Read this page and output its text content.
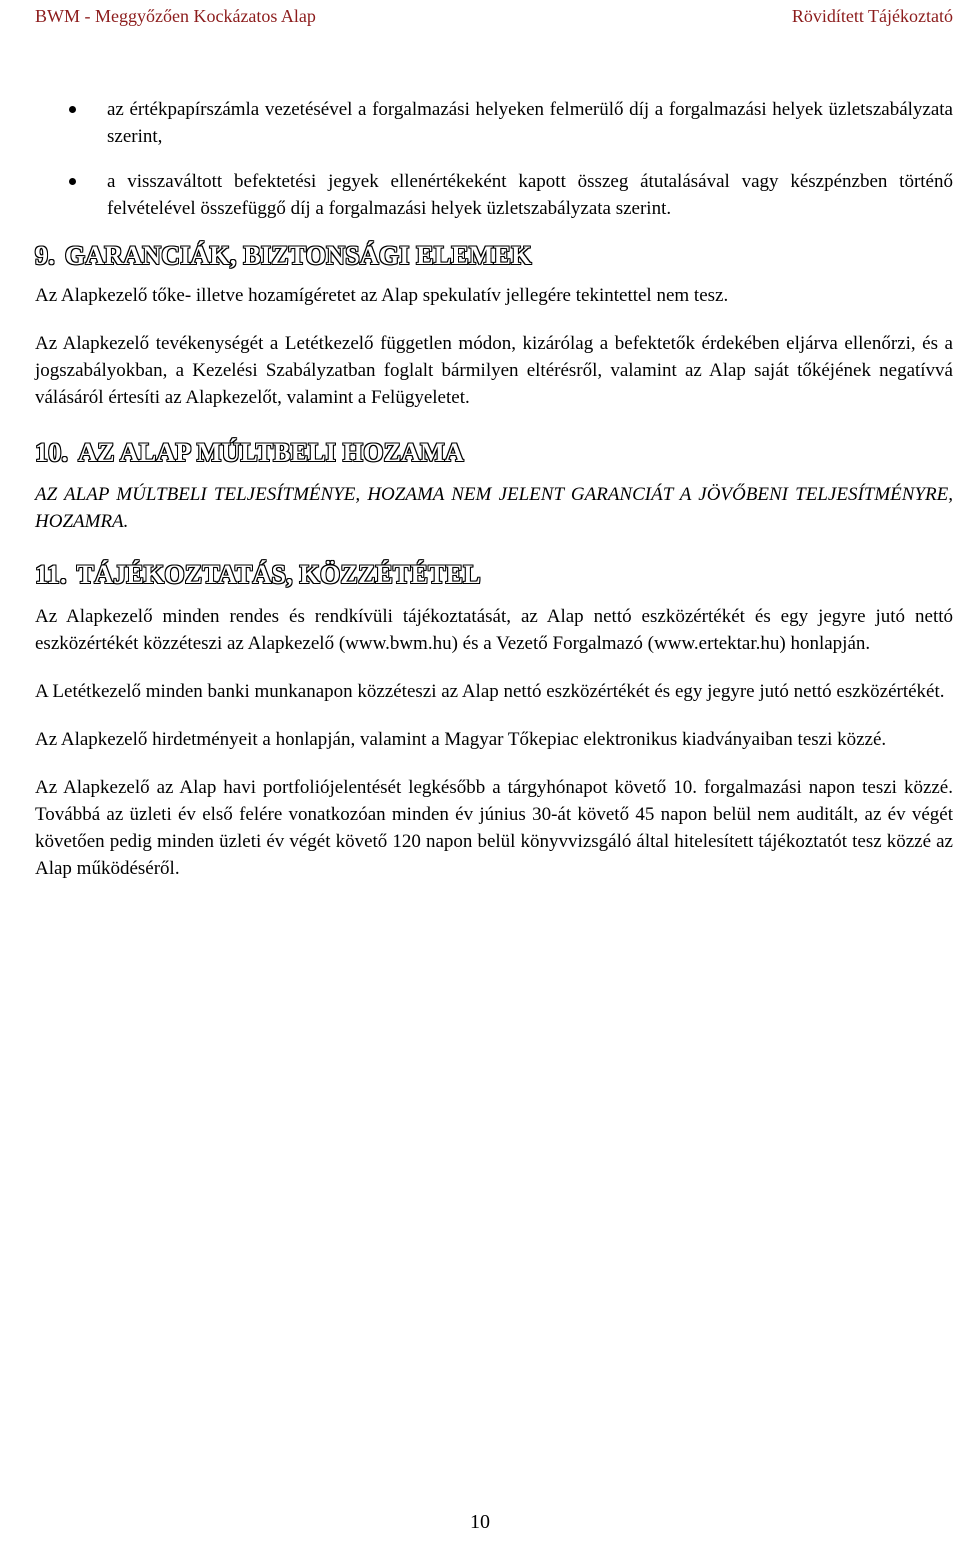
BWM - Meggyőzően Kockázatos Alap	Rövidített Tájékoztató
az értékpapírszámla vezetésével a forgalmazási helyeken felmerülő díj a forgalmazási helyek üzletszabályzata szerint,
a visszaváltott befektetési jegyek ellenértékeként kapott összeg átutalásával vagy készpénzben történő felvételével összefüggő díj a forgalmazási helyek üzletszabályzata szerint.
9. GARANCIÁK, BIZTONSÁGI ELEMEK

Az Alapkezelő tőke- illetve hozamígéretet az Alap spekulatív jellegére tekintettel nem tesz.

Az Alapkezelő tevékenységét a Letétkezelő független módon, kizárólag a befektetők érdekében eljárva ellenőrzi, és a jogszabályokban, a Kezelési Szabályzatban foglalt bármilyen eltérésről, valamint az Alap saját tőkéjének negatívvá válásáról értesíti az Alapkezelőt, valamint a Felügyeletet.

10. AZ ALAP MÚLTBELI HOZAMA

AZ ALAP MÚLTBELI TELJESÍTMÉNYE, HOZAMA NEM JELENT GARANCIÁT A JÖVŐBENI TELJESÍTMÉNYRE, HOZAMRA.

11. TÁJÉKOZTATÁS, KÖZZÉTÉTEL

Az Alapkezelő minden rendes és rendkívüli tájékoztatását, az Alap nettó eszközértékét és egy jegyre jutó nettó eszközértékét közzéteszi az Alapkezelő (www.bwm.hu) és a Vezető Forgalmazó (www.ertektar.hu) honlapján.

A Letétkezelő minden banki munkanapon közzéteszi az Alap nettó eszközértékét és egy jegyre jutó nettó eszközértékét.

Az Alapkezelő hirdetményeit a honlapján, valamint a Magyar Tőkepiac elektronikus kiadványaiban teszi közzé.

Az Alapkezelő az Alap havi portfoliójelentését legkésőbb a tárgyhónapot követő 10. forgalmazási napon teszi közzé. Továbbá az üzleti év első felére vonatkozóan minden év június 30-át követő 45 napon belül nem auditált, az év végét követően pedig minden üzleti év végét követő 120 napon belül könyvvizsgáló által hitelesített tájékoztatót tesz közzé az Alap működéséről.

10
